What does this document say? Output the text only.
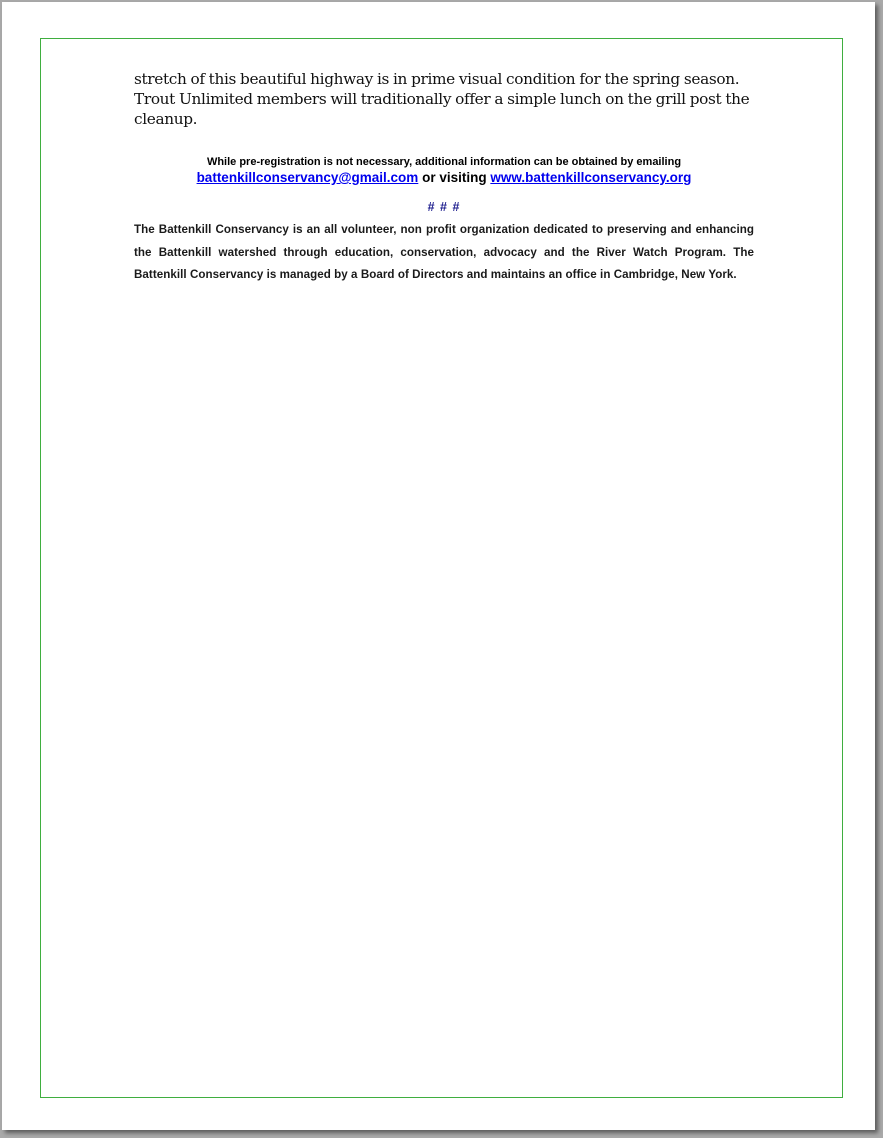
stretch of this beautiful highway is in prime visual condition for the spring season. Trout Unlimited members will traditionally offer a simple lunch on the grill post the cleanup.

While pre-registration is not necessary, additional information can be obtained by emailing
battenkillconservancy@gmail.com or visiting www.battenkillconservancy.org
# # #

The Battenkill Conservancy is an all volunteer, non profit organization dedicated to preserving and enhancing the Battenkill watershed through education, conservation, advocacy and the River Watch Program. The Battenkill Conservancy is managed by a Board of Directors and maintains an office in Cambridge, New York.
